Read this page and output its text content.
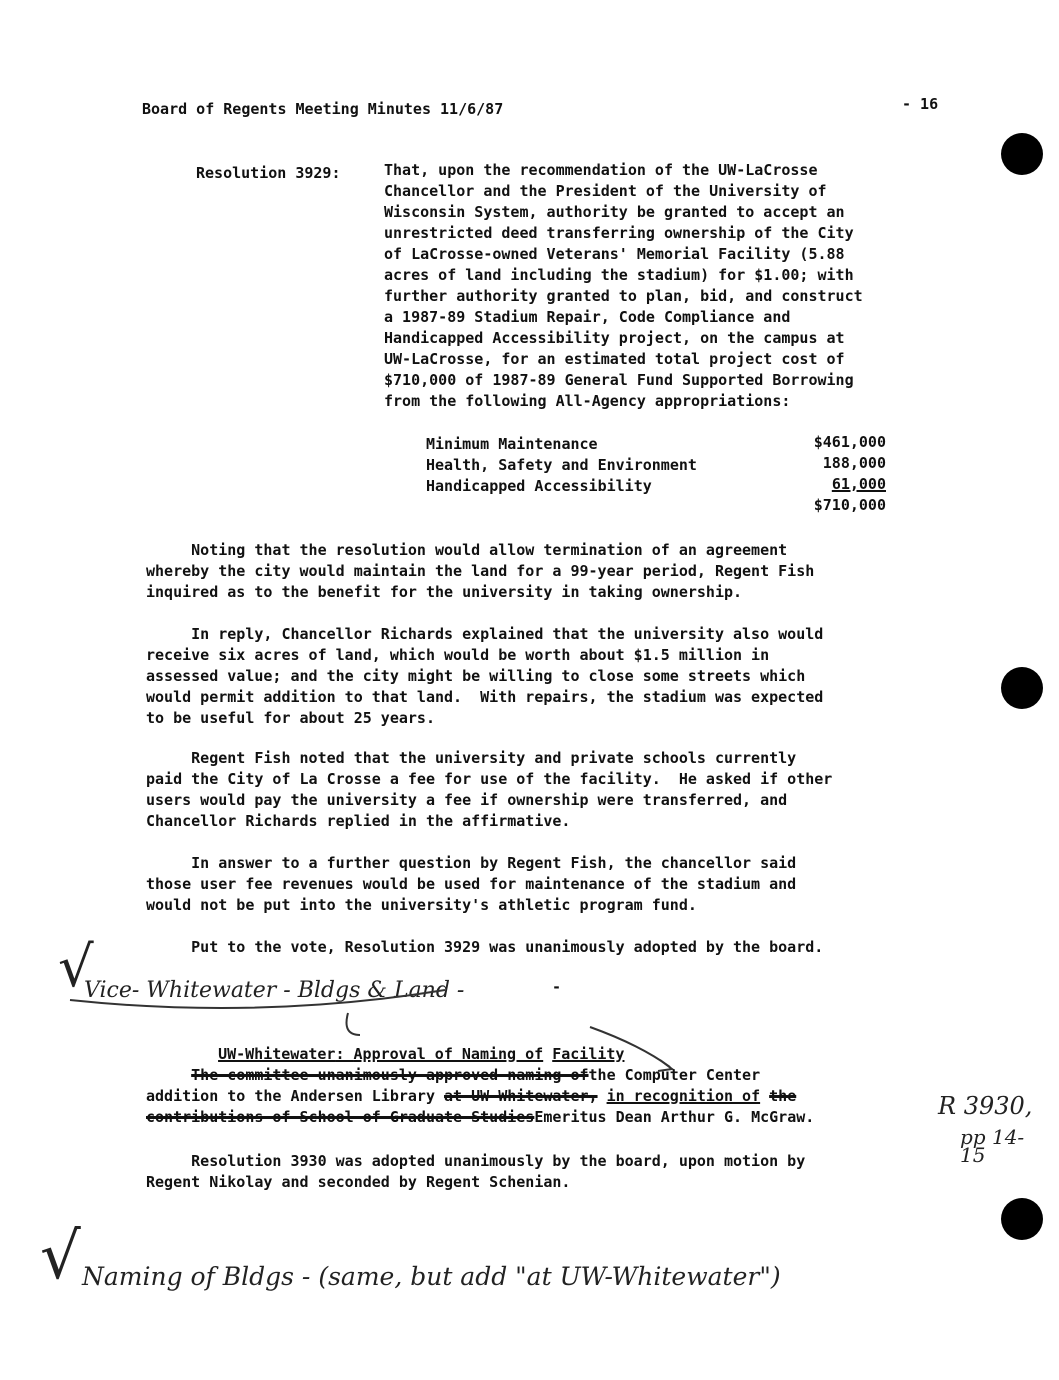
Board of Regents Meeting Minutes 11/6/87	- 16
Resolution 3929:	That, upon the recommendation of the UW-LaCrosse
Chancellor and the President of the University of
Wisconsin System, authority be granted to accept an
unrestricted deed transferring ownership of the City
of LaCrosse-owned Veterans' Memorial Facility (5.88
acres of land including the stadium) for $1.00; with
further authority granted to plan, bid, and construct
a 1987-89 Stadium Repair, Code Compliance and
Handicapped Accessibility project, on the campus at
UW-LaCrosse, for an estimated total project cost of
$710,000 of 1987-89 General Fund Supported Borrowing
from the following All-Agency appropriations:
Minimum Maintenance	$461,000
Health, Safety and Environment	188,000
Handicapped Accessibility	61,000
$710,000
Noting that the resolution would allow termination of an agreement
whereby the city would maintain the land for a 99-year period, Regent Fish
inquired as to the benefit for the university in taking ownership.
In reply, Chancellor Richards explained that the university also would
receive six acres of land, which would be worth about $1.5 million in
assessed value; and the city might be willing to close some streets which
would permit addition to that land.  With repairs, the stadium was expected
to be useful for about 25 years.
Regent Fish noted that the university and private schools currently
paid the City of La Crosse a fee for use of the facility.  He asked if other
users would pay the university a fee if ownership were transferred, and
Chancellor Richards replied in the affirmative.
In answer to a further question by Regent Fish, the chancellor said
those user fee revenues would be used for maintenance of the stadium and
would not be put into the university's athletic program fund.
Put to the vote, Resolution 3929 was unanimously adopted by the board.
√
Vice- Whitewater - Bldgs & Land -	-

UW-Whitewater: Approval of Naming of Facility

The committee unanimously approved naming ofthe Computer Center
addition to the Andersen Library at UW-Whitewater, in recognition of the
contributions of School of Graduate StudiesEmeritus Dean Arthur G. McGraw.	R 3930,
pp 14-15
Resolution 3930 was adopted unanimously by the board, upon motion by
Regent Nikolay and seconded by Regent Schenian.
√ Naming of Bldgs - (same, but add "at UW-Whitewater")
